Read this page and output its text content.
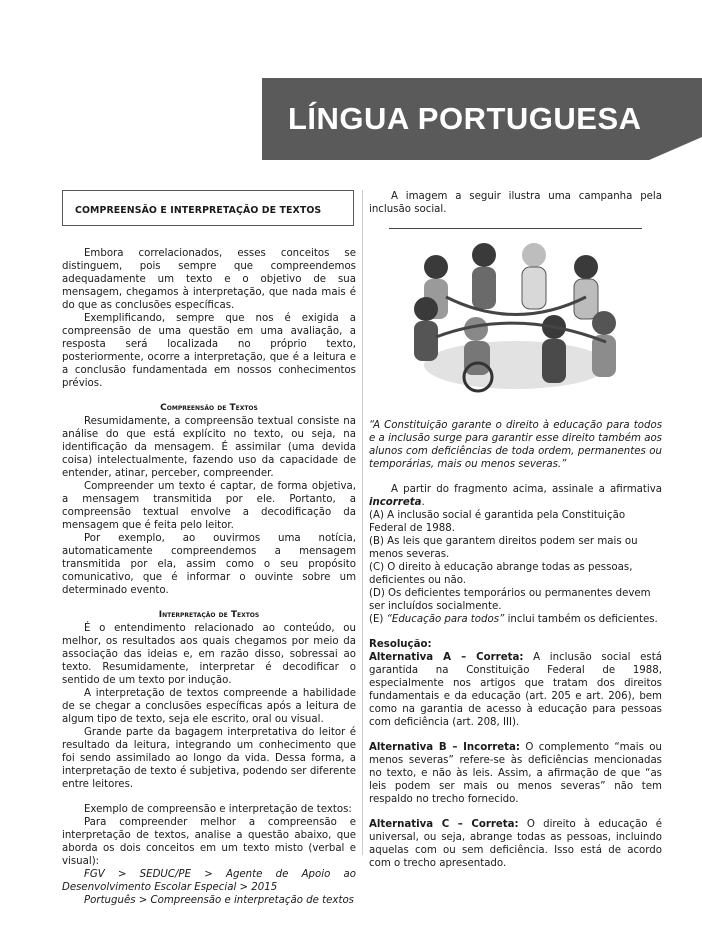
LÍNGUA PORTUGUESA
COMPREENSÃO E INTERPRETAÇÃO DE TEXTOS

Embora correlacionados, esses conceitos se distinguem, pois sempre que compreendemos adequadamente um texto e o objetivo de sua mensagem, chegamos à interpretação, que nada mais é do que as conclusões específicas.

Exemplificando, sempre que nos é exigida a compreensão de uma questão em uma avaliação, a resposta será localizada no próprio texto, posteriormente, ocorre a interpretação, que é a leitura e a conclusão fundamentada em nossos conhecimentos prévios.

Compreensão de Textos

Resumidamente, a compreensão textual consiste na análise do que está explícito no texto, ou seja, na identificação da mensagem. É assimilar (uma devida coisa) intelectualmente, fazendo uso da capacidade de entender, atinar, perceber, compreender.

Compreender um texto é captar, de forma objetiva, a mensagem transmitida por ele. Portanto, a compreensão textual envolve a decodificação da mensagem que é feita pelo leitor.

Por exemplo, ao ouvirmos uma notícia, automaticamente compreendemos a mensagem transmitida por ela, assim como o seu propósito comunicativo, que é informar o ouvinte sobre um determinado evento.

Interpretação de Textos

É o entendimento relacionado ao conteúdo, ou melhor, os resultados aos quais chegamos por meio da associação das ideias e, em razão disso, sobressai ao texto. Resumidamente, interpretar é decodificar o sentido de um texto por indução.

A interpretação de textos compreende a habilidade de se chegar a conclusões específicas após a leitura de algum tipo de texto, seja ele escrito, oral ou visual.

Grande parte da bagagem interpretativa do leitor é resultado da leitura, integrando um conhecimento que foi sendo assimilado ao longo da vida. Dessa forma, a interpretação de texto é subjetiva, podendo ser diferente entre leitores.

Exemplo de compreensão e interpretação de textos:

Para compreender melhor a compreensão e interpretação de textos, analise a questão abaixo, que aborda os dois conceitos em um texto misto (verbal e visual):

FGV > SEDUC/PE > Agente de Apoio ao Desenvolvimento Escolar Especial > 2015

Português > Compreensão e interpretação de textos

A imagem a seguir ilustra uma campanha pela inclusão social.

“A Constituição garante o direito à educação para todos e a inclusão surge para garantir esse direito também aos alunos com deficiências de toda ordem, permanentes ou temporárias, mais ou menos severas.”

A partir do fragmento acima, assinale a afirmativa incorreta.

(A) A inclusão social é garantida pela Constituição Federal de 1988.

(B) As leis que garantem direitos podem ser mais ou menos severas.

(C) O direito à educação abrange todas as pessoas, deficientes ou não.

(D) Os deficientes temporários ou permanentes devem ser incluídos socialmente.

(E) “Educação para todos” inclui também os deficientes.

Resolução:

Alternativa A – Correta: A inclusão social está garantida na Constituição Federal de 1988, especialmente nos artigos que tratam dos direitos fundamentais e da educação (art. 205 e art. 206), bem como na garantia de acesso à educação para pessoas com deficiência (art. 208, III).

Alternativa B – Incorreta: O complemento “mais ou menos severas” refere-se às deficiências mencionadas no texto, e não às leis. Assim, a afirmação de que “as leis podem ser mais ou menos severas” não tem respaldo no trecho fornecido.

Alternativa C – Correta: O direito à educação é universal, ou seja, abrange todas as pessoas, incluindo aquelas com ou sem deficiência. Isso está de acordo com o trecho apresentado.
